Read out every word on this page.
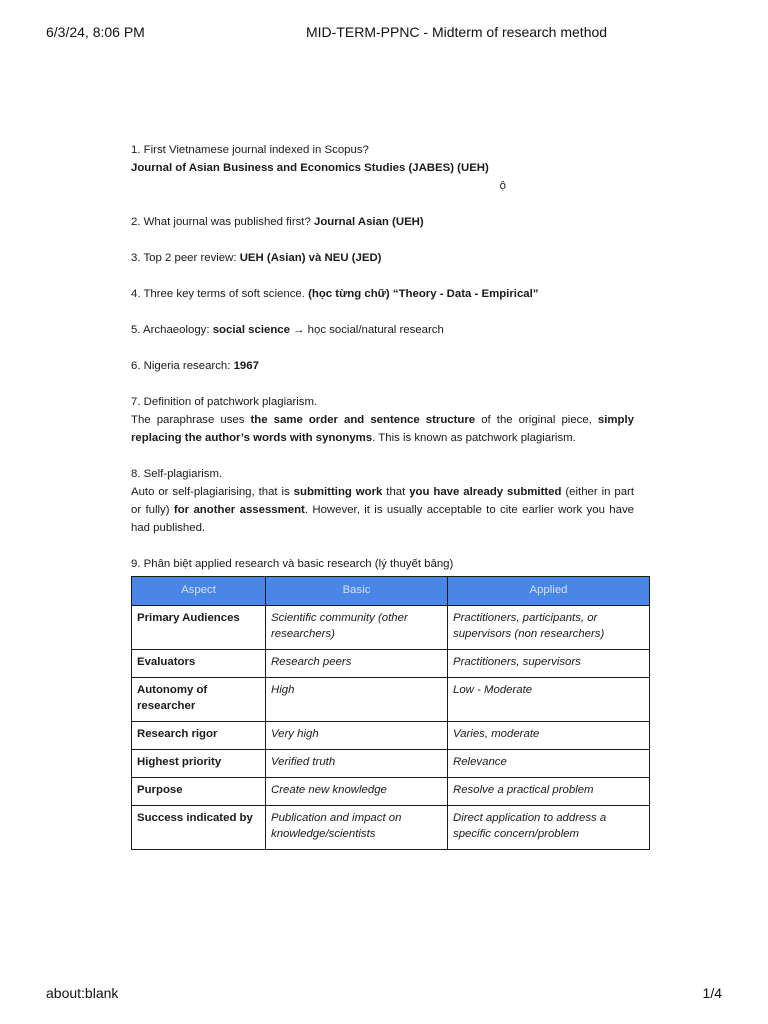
6/3/24, 8:06 PM	MID-TERM-PPNC - Midterm of research method

1. First Vietnamese journal indexed in Scopus?

Journal of Asian Business and Economics Studies (JABES) (UEH)

ộ

2. What journal was published first? Journal Asian (UEH)

3. Top 2 peer review: UEH (Asian) và NEU (JED)

4. Three key terms of soft science. (học từng chữ) “Theory - Data - Empirical”

5. Archaeology: social science → học social/natural research

6. Nigeria research: 1967

7. Definition of patchwork plagiarism.

The paraphrase uses the same order and sentence structure of the original piece, simply replacing the author’s words with synonyms. This is known as patchwork plagiarism.

8. Self-plagiarism.

Auto or self-plagiarising, that is submitting work that you have already submitted (either in part or fully) for another assessment. However, it is usually acceptable to cite earlier work you have had published.

9. Phân biệt applied research và basic research (lý thuyết bảng)

Aspect	Basic	Applied
Primary Audiences	Scientific community (other researchers)	Practitioners, participants, or supervisors (non researchers)
Evaluators	Research peers	Practitioners, supervisors
Autonomy of researcher	High	Low - Moderate
Research rigor	Very high	Varies, moderate
Highest priority	Verified truth	Relevance
Purpose	Create new knowledge	Resolve a practical problem
Success indicated by	Publication and impact on knowledge/scientists	Direct application to address a specific concern/problem
about:blank	1/4
